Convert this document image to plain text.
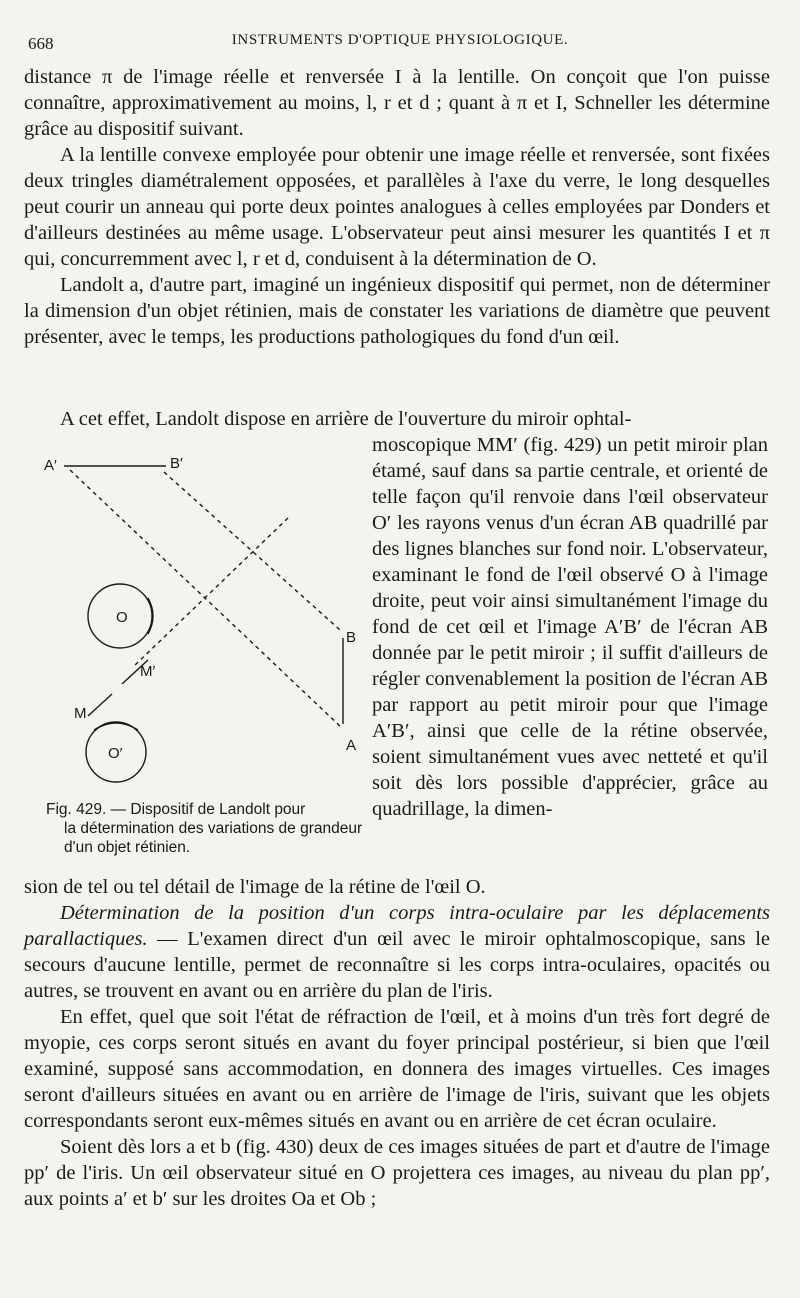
668	INSTRUMENTS D'OPTIQUE PHYSIOLOGIQUE.

distance π de l'image réelle et renversée I à la lentille. On conçoit que l'on puisse connaître, approximativement au moins, l, r et d ; quant à π et I, Schneller les détermine grâce au dispositif suivant.

A la lentille convexe employée pour obtenir une image réelle et renversée, sont fixées deux tringles diamétralement opposées, et parallèles à l'axe du verre, le long desquelles peut courir un anneau qui porte deux pointes analogues à celles employées par Donders et d'ailleurs destinées au même usage. L'observateur peut ainsi mesurer les quantités I et π qui, concurremment avec l, r et d, conduisent à la détermination de O.

Landolt a, d'autre part, imaginé un ingénieux dispositif qui permet, non de déterminer la dimension d'un objet rétinien, mais de constater les variations de diamètre que peuvent présenter, avec le temps, les productions pathologiques du fond d'un œil.

A cet effet, Landolt dispose en arrière de l'ouverture du miroir ophtal-
A′	B′
O
B
M′
M
A
O′
moscopique MM′ (fig. 429) un petit miroir plan étamé, sauf dans sa partie centrale, et orienté de telle façon qu'il renvoie dans l'œil observateur O′ les rayons venus d'un écran AB quadrillé par des lignes blanches sur fond noir. L'observateur, examinant le fond de l'œil observé O à l'image droite, peut voir ainsi simultanément l'image du fond de cet œil et l'image A′B′ de l'écran AB donnée par le petit miroir ; il suffit d'ailleurs de régler convenablement la position de l'écran AB par rapport au petit miroir pour que l'image A′B′, ainsi que celle de la rétine observée, soient simultanément vues avec netteté et qu'il soit dès lors possible d'apprécier, grâce au quadrillage, la dimen-
Fig. 429. — Dispositif de Landolt pour
la détermination des variations de grandeur d'un objet rétinien.

sion de tel ou tel détail de l'image de la rétine de l'œil O.

Détermination de la position d'un corps intra-oculaire par les déplacements parallactiques. — L'examen direct d'un œil avec le miroir ophtalmoscopique, sans le secours d'aucune lentille, permet de reconnaître si les corps intra-oculaires, opacités ou autres, se trouvent en avant ou en arrière du plan de l'iris.

En effet, quel que soit l'état de réfraction de l'œil, et à moins d'un très fort degré de myopie, ces corps seront situés en avant du foyer principal postérieur, si bien que l'œil examiné, supposé sans accommodation, en donnera des images virtuelles. Ces images seront d'ailleurs situées en avant ou en arrière de l'image de l'iris, suivant que les objets correspondants seront eux-mêmes situés en avant ou en arrière de cet écran oculaire.

Soient dès lors a et b (fig. 430) deux de ces images situées de part et d'autre de l'image pp′ de l'iris. Un œil observateur situé en O projettera ces images, au niveau du plan pp′, aux points a′ et b′ sur les droites Oa et Ob ;
